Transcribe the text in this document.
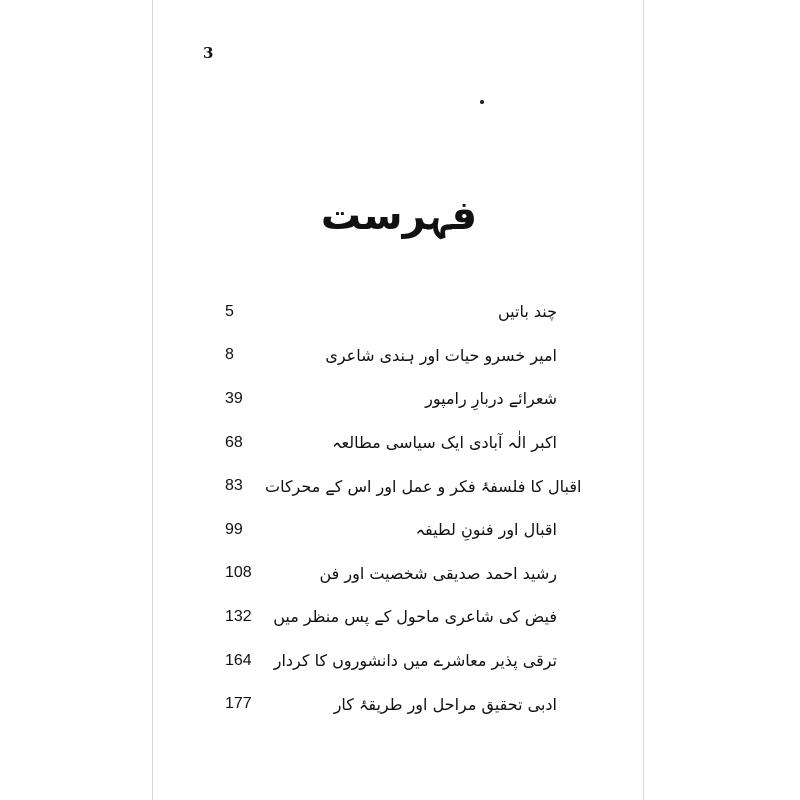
3
فہرست
5	چند باتیں
8	امیر خسرو حیات اور ہندی شاعری
39	شعرائے دربارِ رامپور
68	اکبر الٰہ آبادی ایک سیاسی مطالعہ
83	اقبال کا فلسفۂ فکر و عمل اور اس کے محرکات
99	اقبال اور فنونِ لطیفہ
108	رشید احمد صدیقی شخصیت اور فن
132	فیض کی شاعری ماحول کے پس منظر میں
164	ترقی پذیر معاشرے میں دانشوروں کا کردار
177	ادبی تحقیق مراحل اور طریقۂ کار
